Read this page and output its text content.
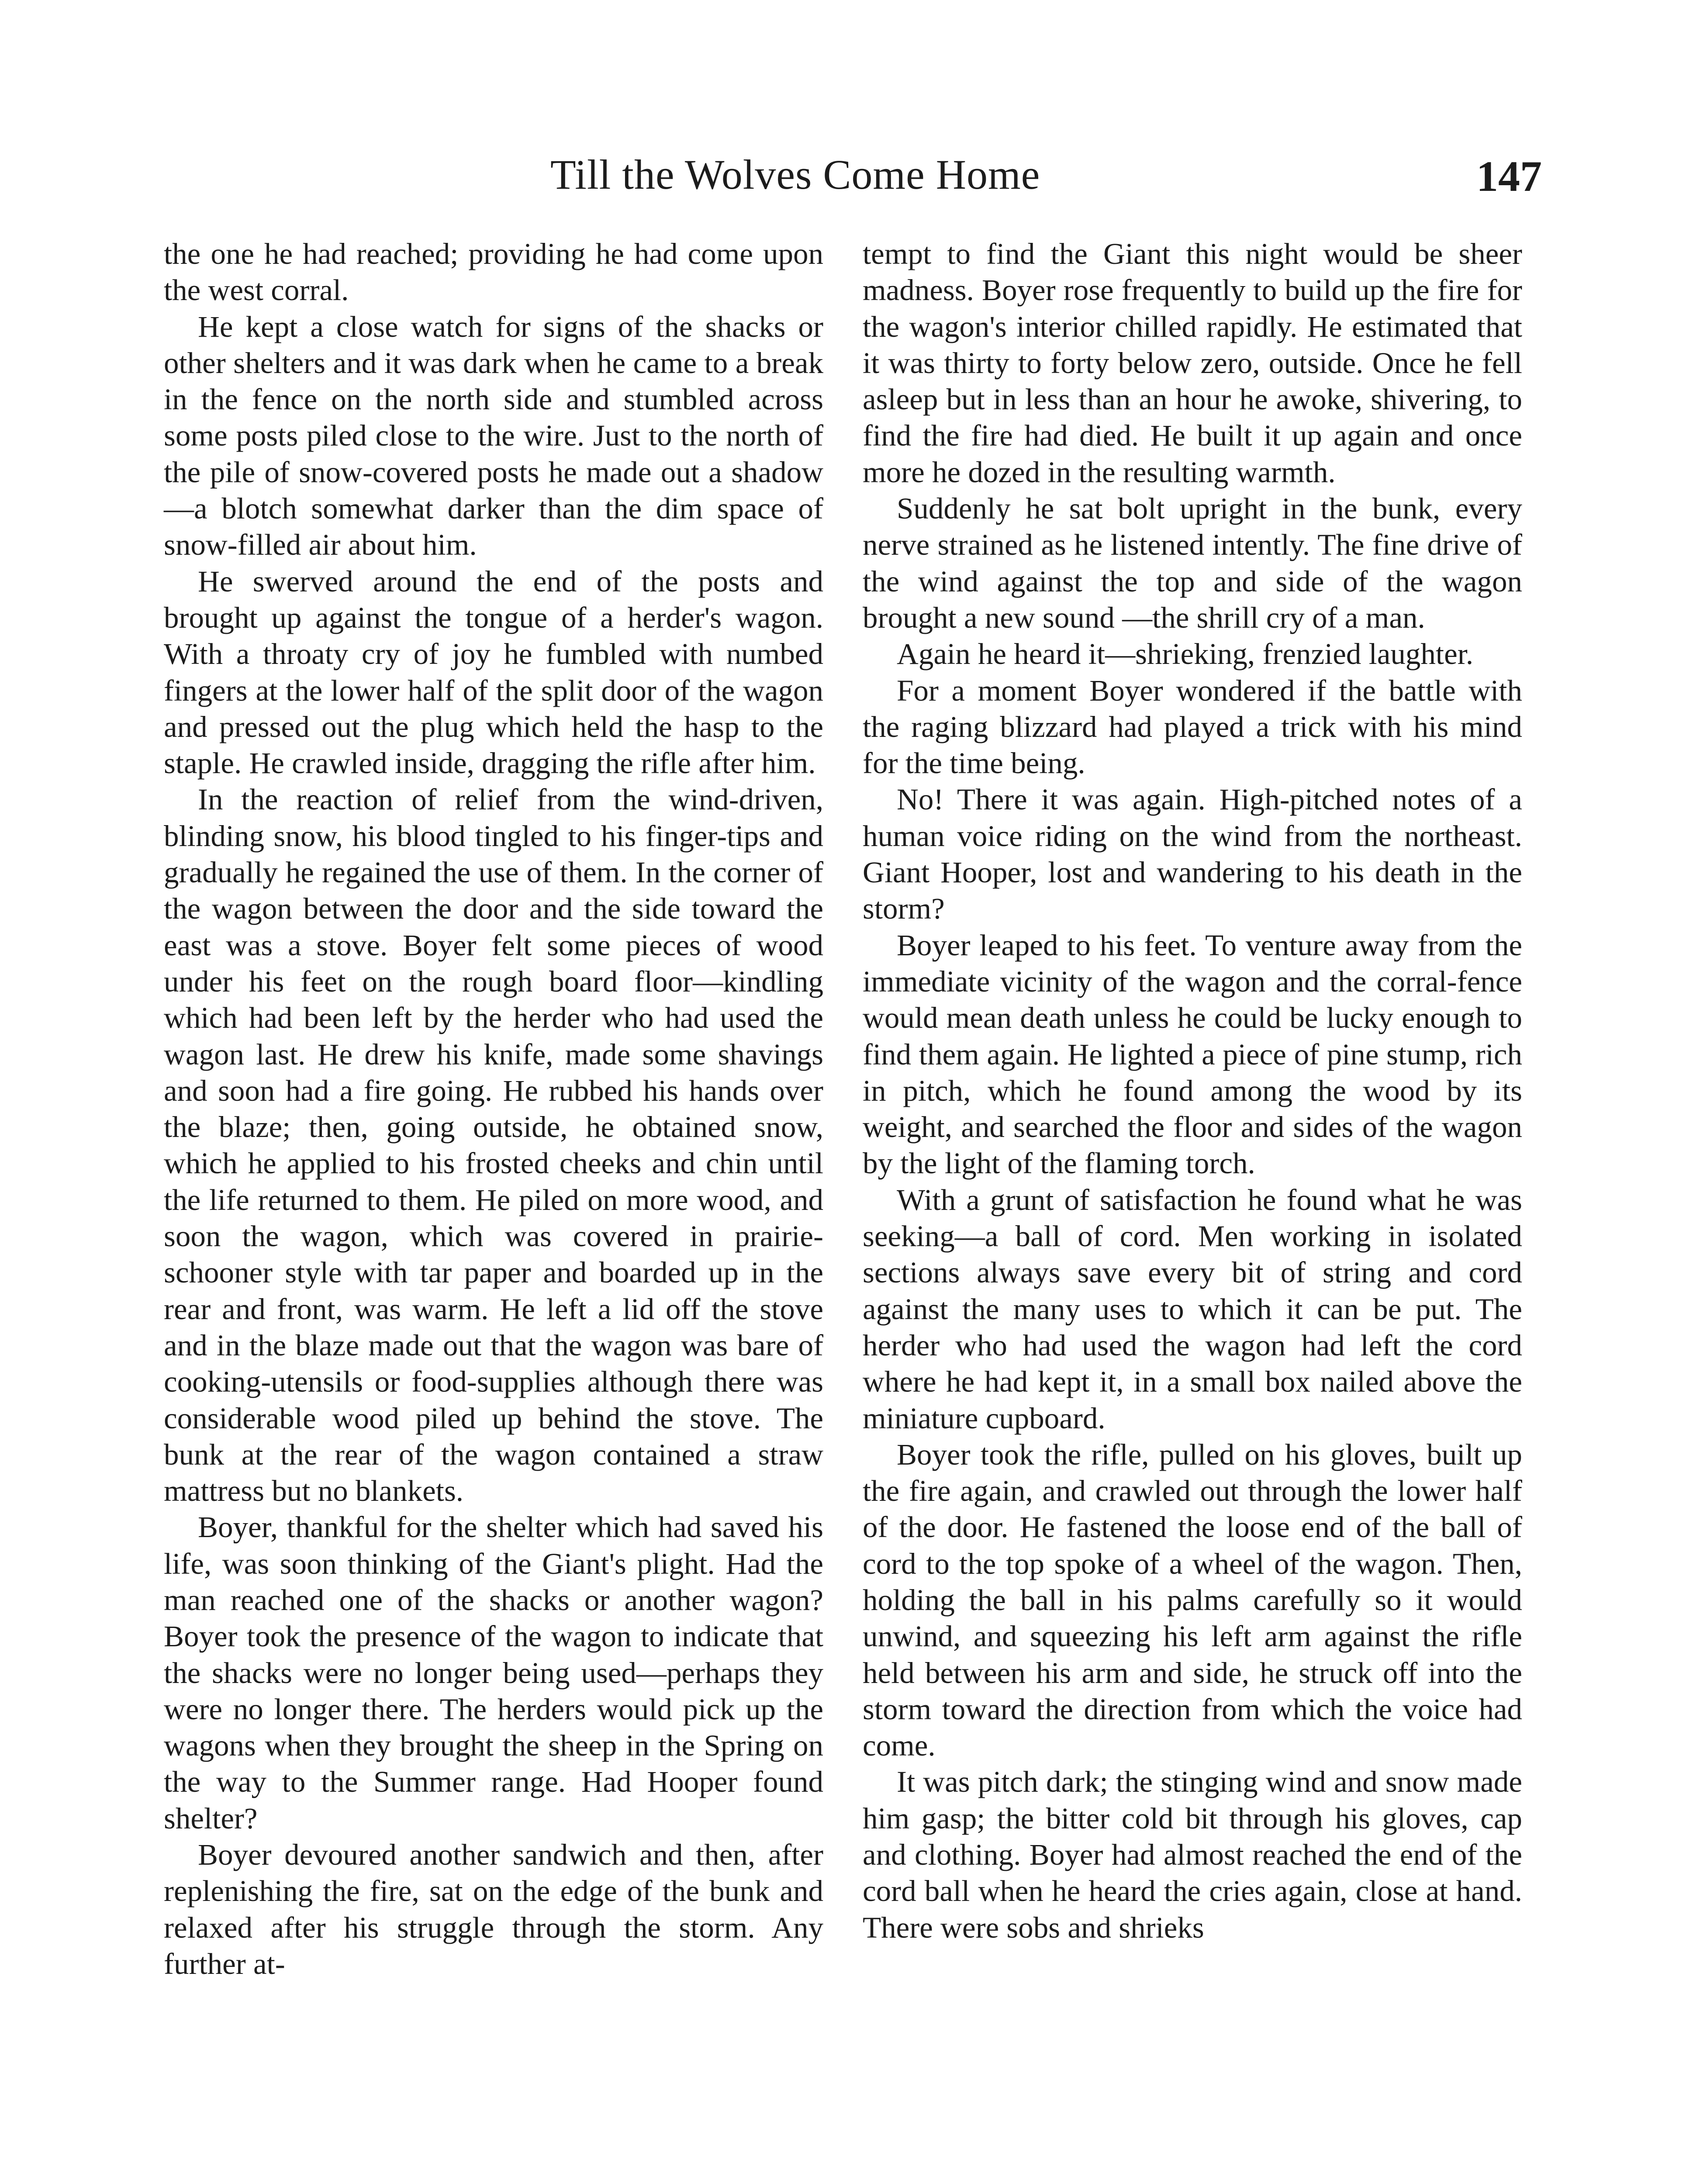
Till the Wolves Come Home	147

the one he had reached; providing he had come upon the west corral.

He kept a close watch for signs of the shacks or other shelters and it was dark when he came to a break in the fence on the north side and stumbled across some posts piled close to the wire. Just to the north of the pile of snow-covered posts he made out a shadow—a blotch somewhat darker than the dim space of snow-filled air about him.

He swerved around the end of the posts and brought up against the tongue of a herder's wagon. With a throaty cry of joy he fumbled with numbed fingers at the lower half of the split door of the wagon and pressed out the plug which held the hasp to the staple. He crawled inside, dragging the rifle after him.

In the reaction of relief from the wind-driven, blinding snow, his blood tingled to his finger-tips and gradually he regained the use of them. In the corner of the wagon between the door and the side toward the east was a stove. Boyer felt some pieces of wood under his feet on the rough board floor—kindling which had been left by the herder who had used the wagon last. He drew his knife, made some shavings and soon had a fire going. He rubbed his hands over the blaze; then, going outside, he obtained snow, which he applied to his frosted cheeks and chin until the life returned to them. He piled on more wood, and soon the wagon, which was covered in prairie-schooner style with tar paper and boarded up in the rear and front, was warm. He left a lid off the stove and in the blaze made out that the wagon was bare of cooking-utensils or food-supplies although there was considerable wood piled up behind the stove. The bunk at the rear of the wagon contained a straw mattress but no blankets.

Boyer, thankful for the shelter which had saved his life, was soon thinking of the Giant's plight. Had the man reached one of the shacks or another wagon? Boyer took the presence of the wagon to indicate that the shacks were no longer being used—perhaps they were no longer there. The herders would pick up the wagons when they brought the sheep in the Spring on the way to the Summer range. Had Hooper found shelter?

Boyer devoured another sandwich and then, after replenishing the fire, sat on the edge of the bunk and relaxed after his struggle through the storm. Any further at-

tempt to find the Giant this night would be sheer madness. Boyer rose frequently to build up the fire for the wagon's interior chilled rapidly. He estimated that it was thirty to forty below zero, outside. Once he fell asleep but in less than an hour he awoke, shivering, to find the fire had died. He built it up again and once more he dozed in the resulting warmth.

Suddenly he sat bolt upright in the bunk, every nerve strained as he listened intently. The fine drive of the wind against the top and side of the wagon brought a new sound —the shrill cry of a man.

Again he heard it—shrieking, frenzied laughter.

For a moment Boyer wondered if the battle with the raging blizzard had played a trick with his mind for the time being.

No! There it was again. High-pitched notes of a human voice riding on the wind from the northeast. Giant Hooper, lost and wandering to his death in the storm?

Boyer leaped to his feet. To venture away from the immediate vicinity of the wagon and the corral-fence would mean death unless he could be lucky enough to find them again. He lighted a piece of pine stump, rich in pitch, which he found among the wood by its weight, and searched the floor and sides of the wagon by the light of the flaming torch.

With a grunt of satisfaction he found what he was seeking—a ball of cord. Men working in isolated sections always save every bit of string and cord against the many uses to which it can be put. The herder who had used the wagon had left the cord where he had kept it, in a small box nailed above the miniature cupboard.

Boyer took the rifle, pulled on his gloves, built up the fire again, and crawled out through the lower half of the door. He fastened the loose end of the ball of cord to the top spoke of a wheel of the wagon. Then, holding the ball in his palms carefully so it would unwind, and squeezing his left arm against the rifle held between his arm and side, he struck off into the storm toward the direction from which the voice had come.

It was pitch dark; the stinging wind and snow made him gasp; the bitter cold bit through his gloves, cap and clothing. Boyer had almost reached the end of the cord ball when he heard the cries again, close at hand. There were sobs and shrieks
